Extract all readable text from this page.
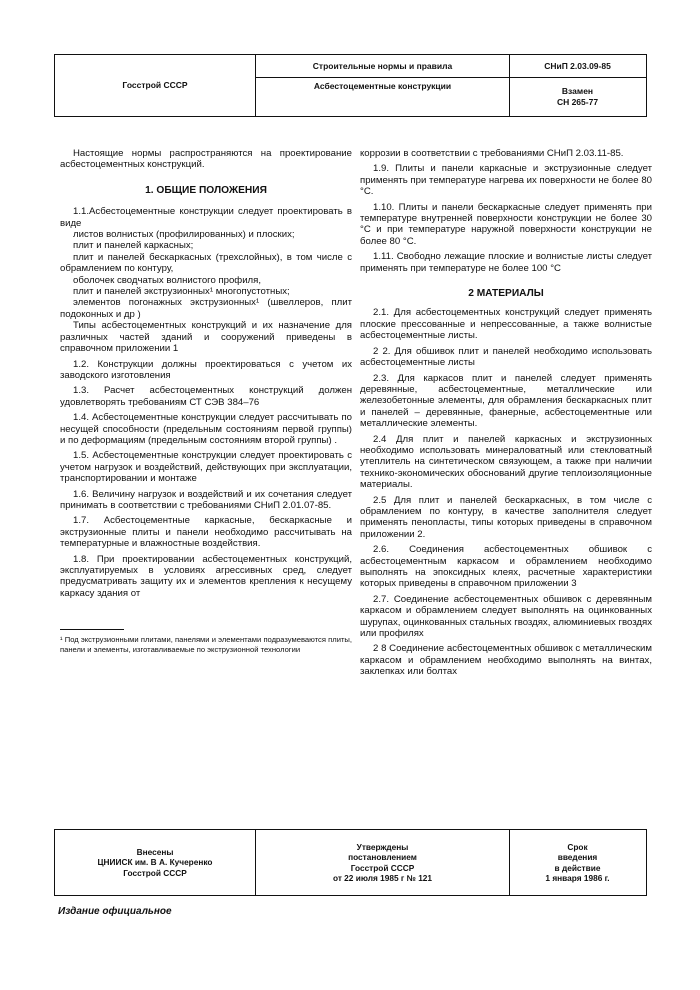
Госстрой СССР
Строительные нормы и правила
Асбестоцементные конструкции
СНиП 2.03.09-85
Взамен
СН 265-77

Настоящие нормы распространяются на проектирование асбестоцементных конструкций.

1. ОБЩИЕ ПОЛОЖЕНИЯ

1.1.Асбестоцементные конструкции следует проектировать в виде

листов волнистых (профилированных) и плоских;

плит и панелей каркасных;

плит и панелей бескаркасных (трехслойных), в том числе с обрамлением по контуру,

оболочек сводчатых волнистого профиля,

плит и панелей экструзионных¹ многопустотных;

элементов погонажных экструзионных¹ (швеллеров, плит подоконных и др )

Типы асбестоцементных конструкций и их назначение для различных частей зданий и сооружений приведены в справочном приложении 1

1.2. Конструкции должны проектироваться с учетом их заводского изготовления

1.3. Расчет асбестоцементных конструкций должен удовлетворять требованиям СТ СЭВ 384–76

1.4. Асбестоцементные конструкции следует рассчитывать по несущей способности (предельным состояниям первой группы) и по деформациям (предельным состояниям второй группы) .

1.5. Асбестоцементные конструкции следует проектировать с учетом нагрузок и воздействий, действующих при эксплуатации, транспортировании и монтаже

1.6. Величину нагрузок и воздействий и их сочетания следует принимать в соответствии с требованиями СНиП 2.01.07-85.

1.7. Асбестоцементные каркасные, бескаркасные и экструзионные плиты и панели необходимо рассчитывать на температурные и влажностные воздействия.

1.8. При проектировании асбестоцементных конструкций, эксплуатируемых в условиях агрессивных сред, следует предусматривать защиту их и элементов крепления к несущему каркасу здания от

¹ Под экструзионными плитами, панелями и элементами подразумеваются плиты, панели и элементы, изготавливаемые по экструзионной технологии

коррозии в соответствии с требованиями СНиП 2.03.11-85.

1.9. Плиты и панели каркасные и экструзионные следует применять при температуре нагрева их поверхности не более 80 °С.

1.10. Плиты и панели бескаркасные следует применять при температуре внутренней поверхности конструкции не более 30 °С и при температуре наружной поверхности конструкции не более 80 °С.

1.11. Свободно лежащие плоские и волнистые листы следует применять при температуре не более 100 °С

2 МАТЕРИАЛЫ

2.1. Для асбестоцементных конструкций следует применять плоские прессованные и непрессованные, а также волнистые асбестоцементные листы.

2 2. Для обшивок плит и панелей необходимо использовать асбестоцементные листы

2.3. Для каркасов плит и панелей следует применять деревянные, асбестоцементные, металлические или железобетонные элементы, для обрамления бескаркасных плит и панелей – деревянные, фанерные, асбестоцементные или металлические элементы.

2.4 Для плит и панелей каркасных и экструзионных необходимо использовать минераловатный или стекловатный утеплитель на синтетическом связующем, а также при наличии технико-экономических обоснований другие теплоизоляционные материалы.

2.5 Для плит и панелей бескаркасных, в том числе с обрамлением по контуру, в качестве заполнителя следует применять пенопласты, типы которых приведены в справочном приложении 2.

2.6. Соединения асбестоцементных обшивок с асбестоцементным каркасом и обрамлением необходимо выполнять на эпоксидных клеях, расчетные характеристики которых приведены в справочном приложении 3

2.7. Соединение асбестоцементных обшивок с деревянным каркасом и обрамлением следует выполнять на оцинкованных шурупах, оцинкованных стальных гвоздях, алюминиевых гвоздях или профилях

2 8 Соединение асбестоцементных обшивок с металлическим каркасом и обрамлением необходимо выполнять на винтах, заклепках или болтах

Внесены
ЦНИИСК им. В А. Кучеренко
Госстрой СССР
Утверждены
постановлением
Госстрой СССР
от 22 июля 1985 г № 121
Срок
введения
в действие
1 января 1986 г.
Издание официальное
